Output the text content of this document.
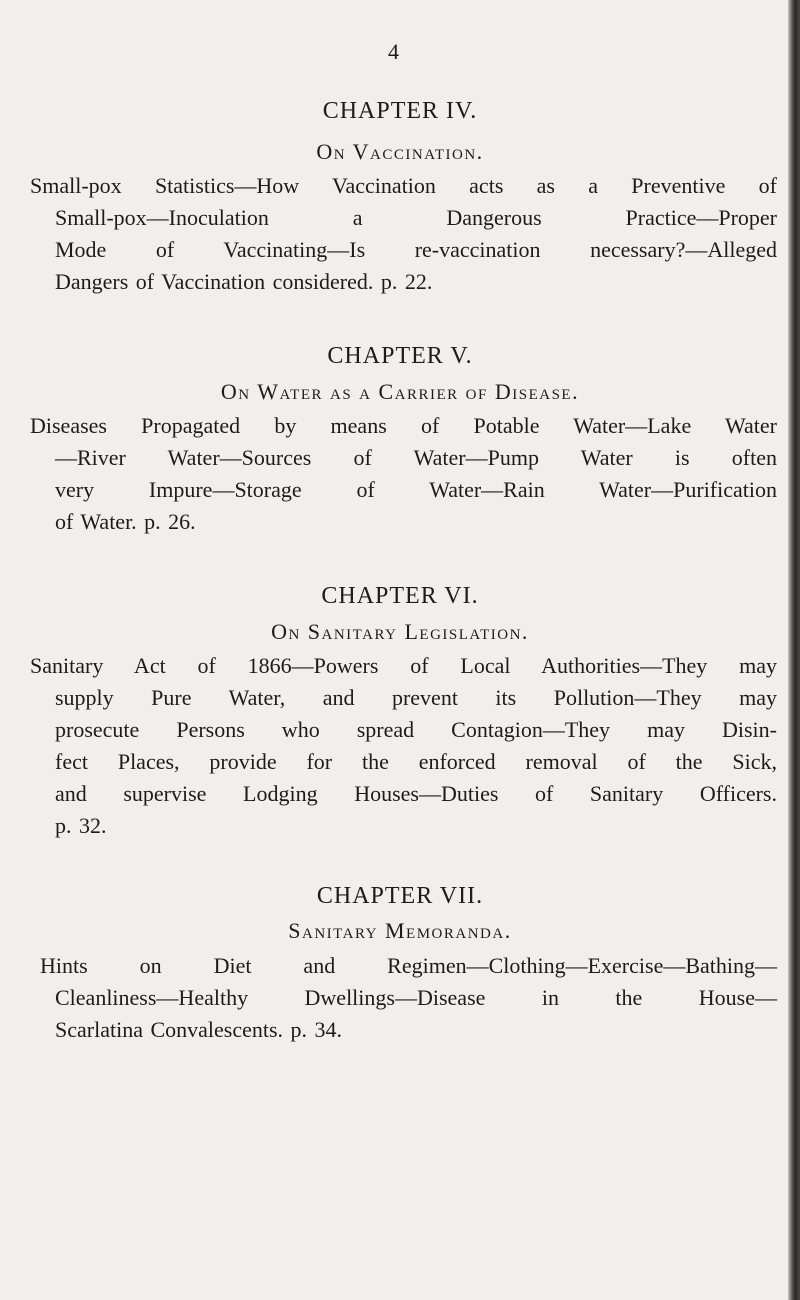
4
CHAPTER IV.
On Vaccination.
Small-pox Statistics—How Vaccination acts as a Preventive of
Small-pox—Inoculation a Dangerous Practice—Proper
Mode of Vaccinating—Is re-vaccination necessary?—Alleged
Dangers of Vaccination considered. p. 22.
CHAPTER V.
On Water as a Carrier of Disease.
Diseases Propagated by means of Potable Water—Lake Water
—River Water—Sources of Water—Pump Water is often
very Impure—Storage of Water—Rain Water—Purification
of Water. p. 26.
CHAPTER VI.
On Sanitary Legislation.
Sanitary Act of 1866—Powers of Local Authorities—They may
supply Pure Water, and prevent its Pollution—They may
prosecute Persons who spread Contagion—They may Disin-
fect Places, provide for the enforced removal of the Sick,
and supervise Lodging Houses—Duties of Sanitary Officers.
p. 32.
CHAPTER VII.
Sanitary Memoranda.
Hints on Diet and Regimen—Clothing—Exercise—Bathing—
Cleanliness—Healthy Dwellings—Disease in the House—
Scarlatina Convalescents. p. 34.
